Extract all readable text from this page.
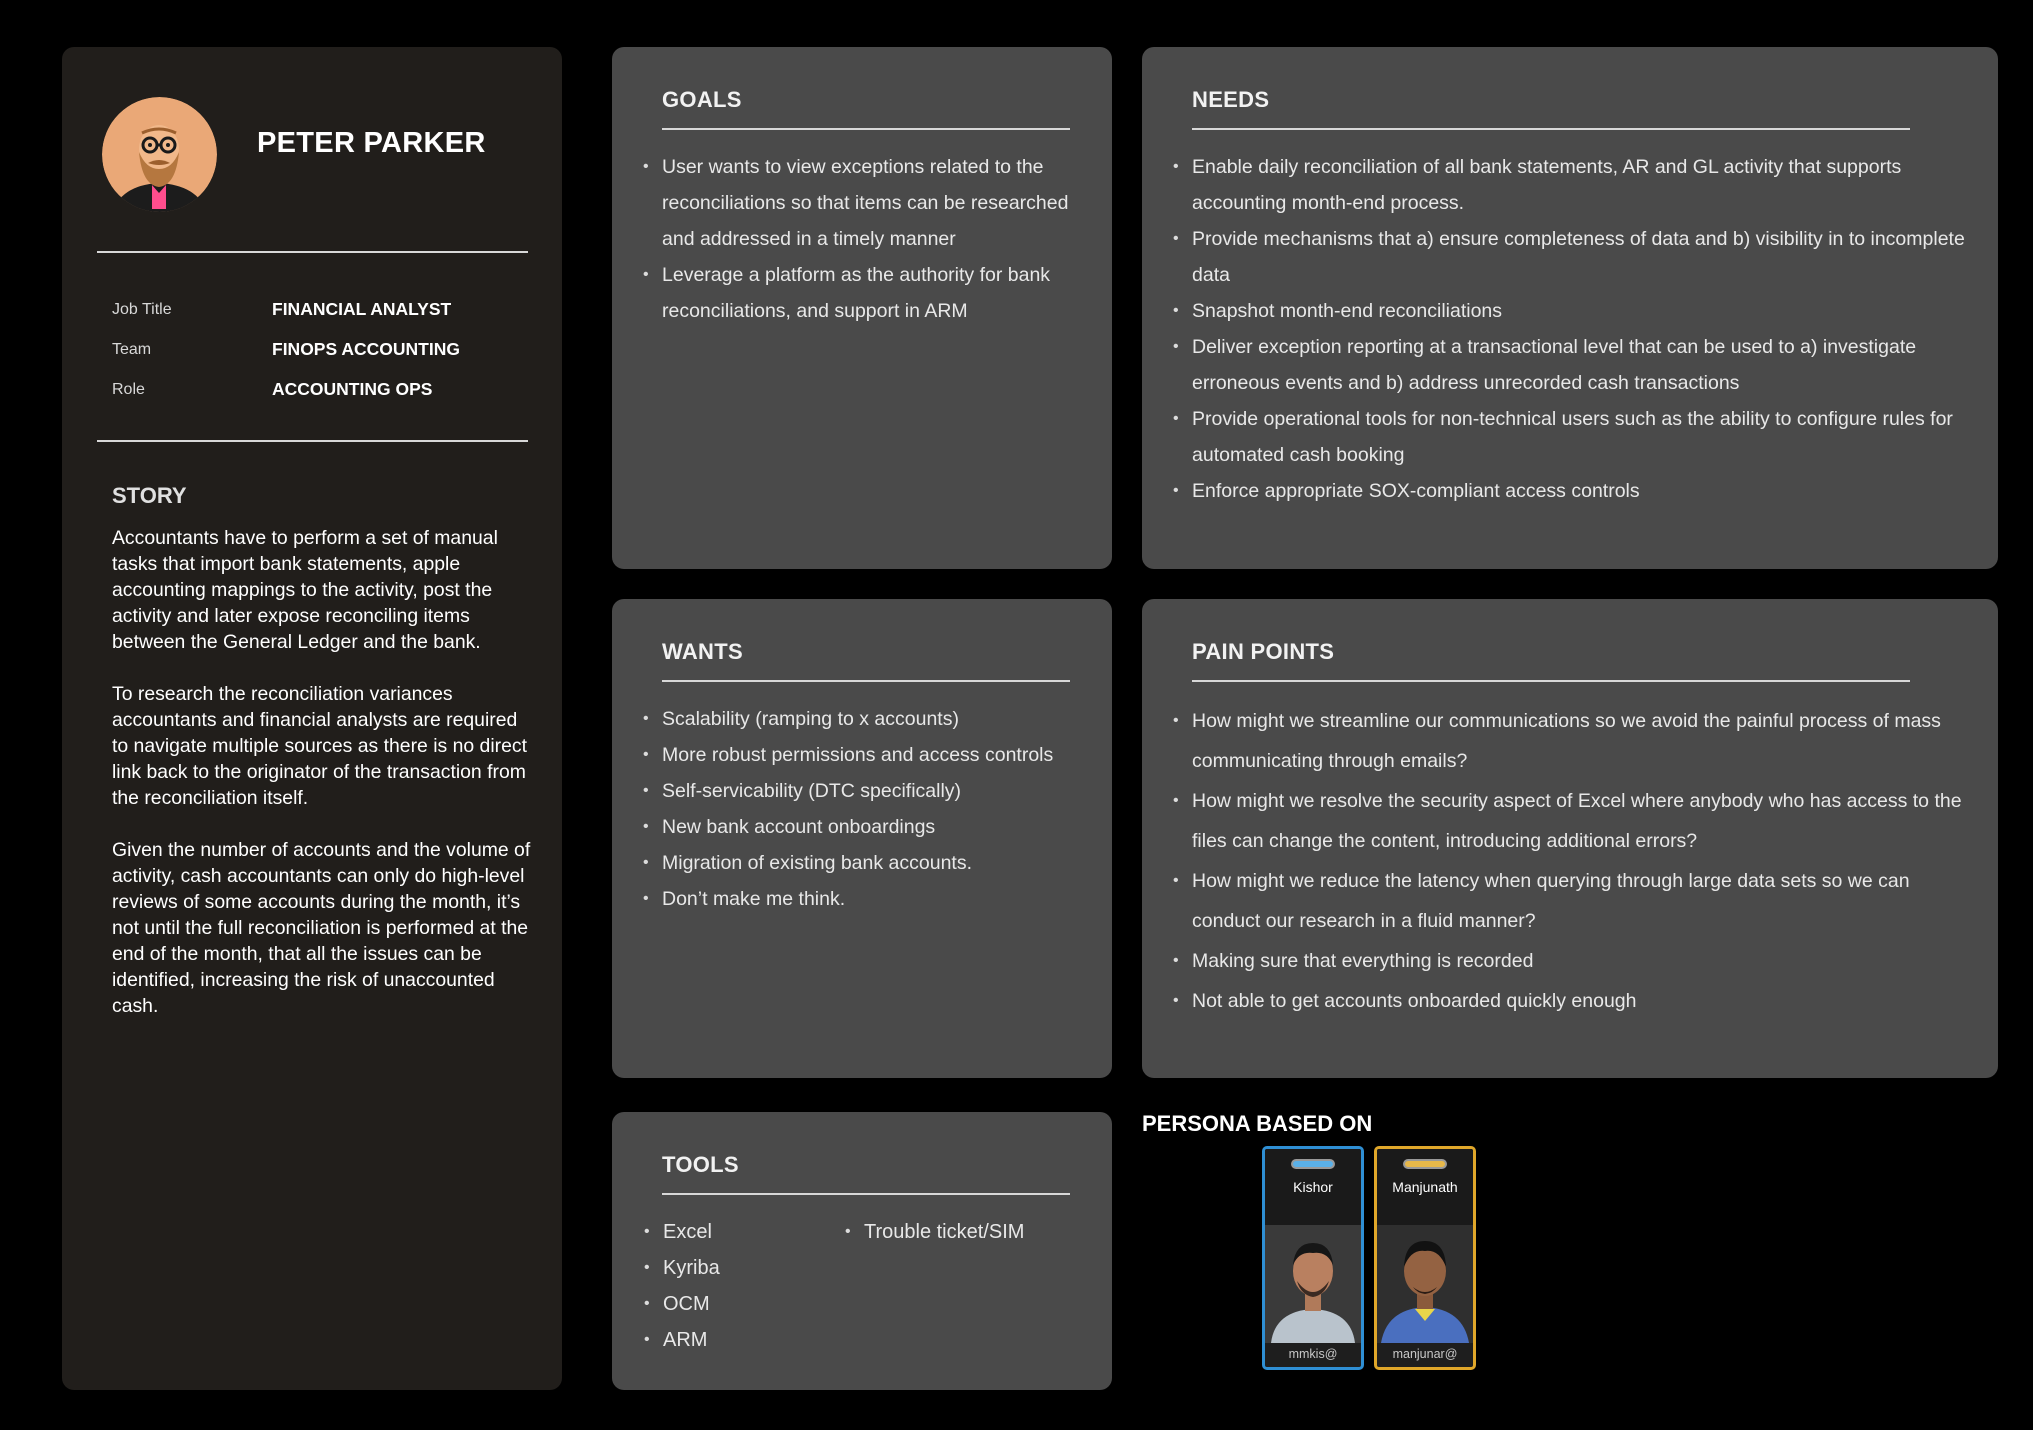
PETER PARKER
Job Title	FINANCIAL ANALYST
Team	FINOPS ACCOUNTING
Role	ACCOUNTING OPS
STORY

Accountants have to perform a set of manual tasks that import bank statements, apple accounting mappings to the activity, post the activity and later expose reconciling items between the General Ledger and the bank.

To research the reconciliation variances accountants and financial analysts are required to navigate multiple sources as there is no direct link back to the originator of the transaction from the reconciliation itself.

Given the number of accounts and the volume of activity, cash accountants can only do high-level reviews of some accounts during the month, it’s not until the full reconciliation is performed at the end of the month, that all the issues can be identified, increasing the risk of unaccounted cash.

GOALS
• User wants to view exceptions related to the reconciliations so that items can be researched and addressed in a timely manner
• Leverage a platform as the authority for bank reconciliations, and support in ARM
NEEDS
• Enable daily reconciliation of all bank statements, AR and GL activity that supports accounting month-end process.
• Provide mechanisms that a) ensure completeness of data and b) visibility in to incomplete data
• Snapshot month-end reconciliations
• Deliver exception reporting at a transactional level that can be used to a) investigate erroneous events and b) address unrecorded cash transactions
• Provide operational tools for non-technical users such as the ability to configure rules for automated cash booking
• Enforce appropriate SOX-compliant access controls
WANTS
• Scalability (ramping to x accounts)
• More robust permissions and access controls
• Self-servicability (DTC specifically)
• New bank account onboardings
• Migration of existing bank accounts.
• Don’t make me think.
PAIN POINTS
• How might we streamline our communications so we avoid the painful process of mass communicating through emails?
• How might we resolve the security aspect of Excel where anybody who has access to the files can change the content, introducing additional errors?
• How might we reduce the latency when querying through large data sets so we can conduct our research in a fluid manner?
• Making sure that everything is recorded
• Not able to get accounts onboarded quickly enough
TOOLS
• Excel
• Kyriba
• OCM
• ARM
• Trouble ticket/SIM
PERSONA BASED ON
Kishor
mmkis@
Manjunath
manjunar@
